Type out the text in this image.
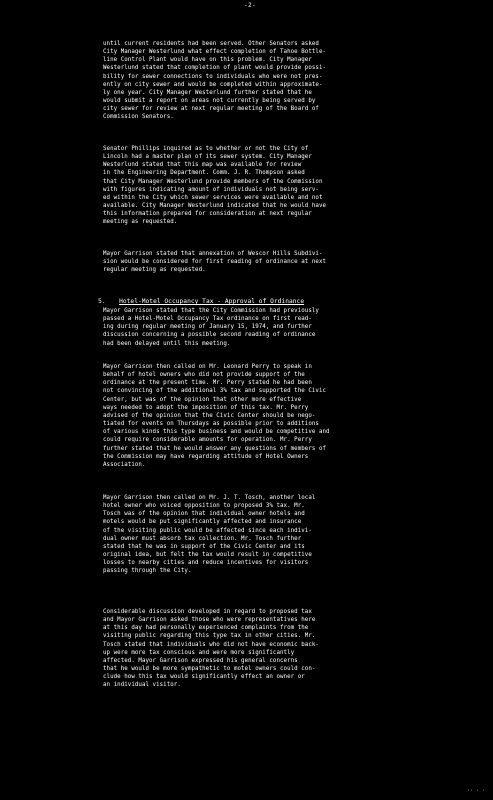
-2-

until current residents had been served. Other Senators asked
City Manager Westerlund what effect completion of Tahoe Bottle-
line Control Plant would have on this problem. City Manager
Westerlund stated that completion of plant would provide possi-
bility for sewer connections to individuals who were not pres-
ently on city sewer and would be completed within approximate-
ly one year. City Manager Westerlund further stated that he
would submit a report on areas not currently being served by
city sewer for review at next regular meeting of the Board of
Commission Senators.

Senator Phillips inquired as to whether or not the City of
Lincoln had a master plan of its sewer system. City Manager
Westerlund stated that this map was available for review
in the Engineering Department. Comm. J. R. Thompson asked
that City Manager Westerlund provide members of the Commission
with figures indicating amount of individuals not being serv-
ed within the City which sewer services were available and not
available. City Manager Westerlund indicated that he would have
this information prepared for consideration at next regular
meeting as requested.

Mayor Garrison stated that annexation of Wescor Hills Subdivi-
sion would be considered for first reading of ordinance at next
regular meeting as requested.

5. Hotel-Motel Occupancy Tax - Approval of Ordinance

Mayor Garrison stated that the City Commission had previously
passed a Hotel-Motel Occupancy Tax ordinance on first read-
ing during regular meeting of January 15, 1974, and further
discussion concerning a possible second reading of ordinance
had been delayed until this meeting.

Mayor Garrison then called on Mr. Leonard Perry to speak in
behalf of hotel owners who did not provide support of the
ordinance at the present time. Mr. Perry stated he had been
not convincing of the additional 3% tax and supported the Civic
Center, but was of the opinion that other more effective
ways needed to adopt the imposition of this tax. Mr. Perry
advised of the opinion that the Civic Center should be nego-
tiated for events on Thursdays as possible prior to additions
of various kinds this type business and would be competitive and
could require considerable amounts for operation. Mr. Perry
further stated that he would answer any questions of members of
the Commission may have regarding attitude of Hotel Owners
Association.

Mayor Garrison then called on Mr. J. T. Tosch, another local
hotel owner who voiced opposition to proposed 3% tax. Mr.
Tosch was of the opinion that individual owner hotels and
motels would be put significantly affected and insurance
of the visiting public would be affected since each indivi-
dual owner must absorb tax collection. Mr. Tosch further
stated that he was in support of the Civic Center and its
original idea, but felt the tax would result in competitive
losses to nearby cities and reduce incentives for visitors
passing through the City.

Considerable discussion developed in regard to proposed tax
and Mayor Garrison asked those who were representatives here
at this day had personally experienced complaints from the
visiting public regarding this type tax in other cities. Mr.
Tosch stated that individuals who did not have economic back-
up were more tax conscious and were more significantly
affected. Mayor Garrison expressed his general concerns
that he would be more sympathetic to motel owners could con-
clude how this tax would significantly effect an owner or
an individual visitor.

·· · ·
